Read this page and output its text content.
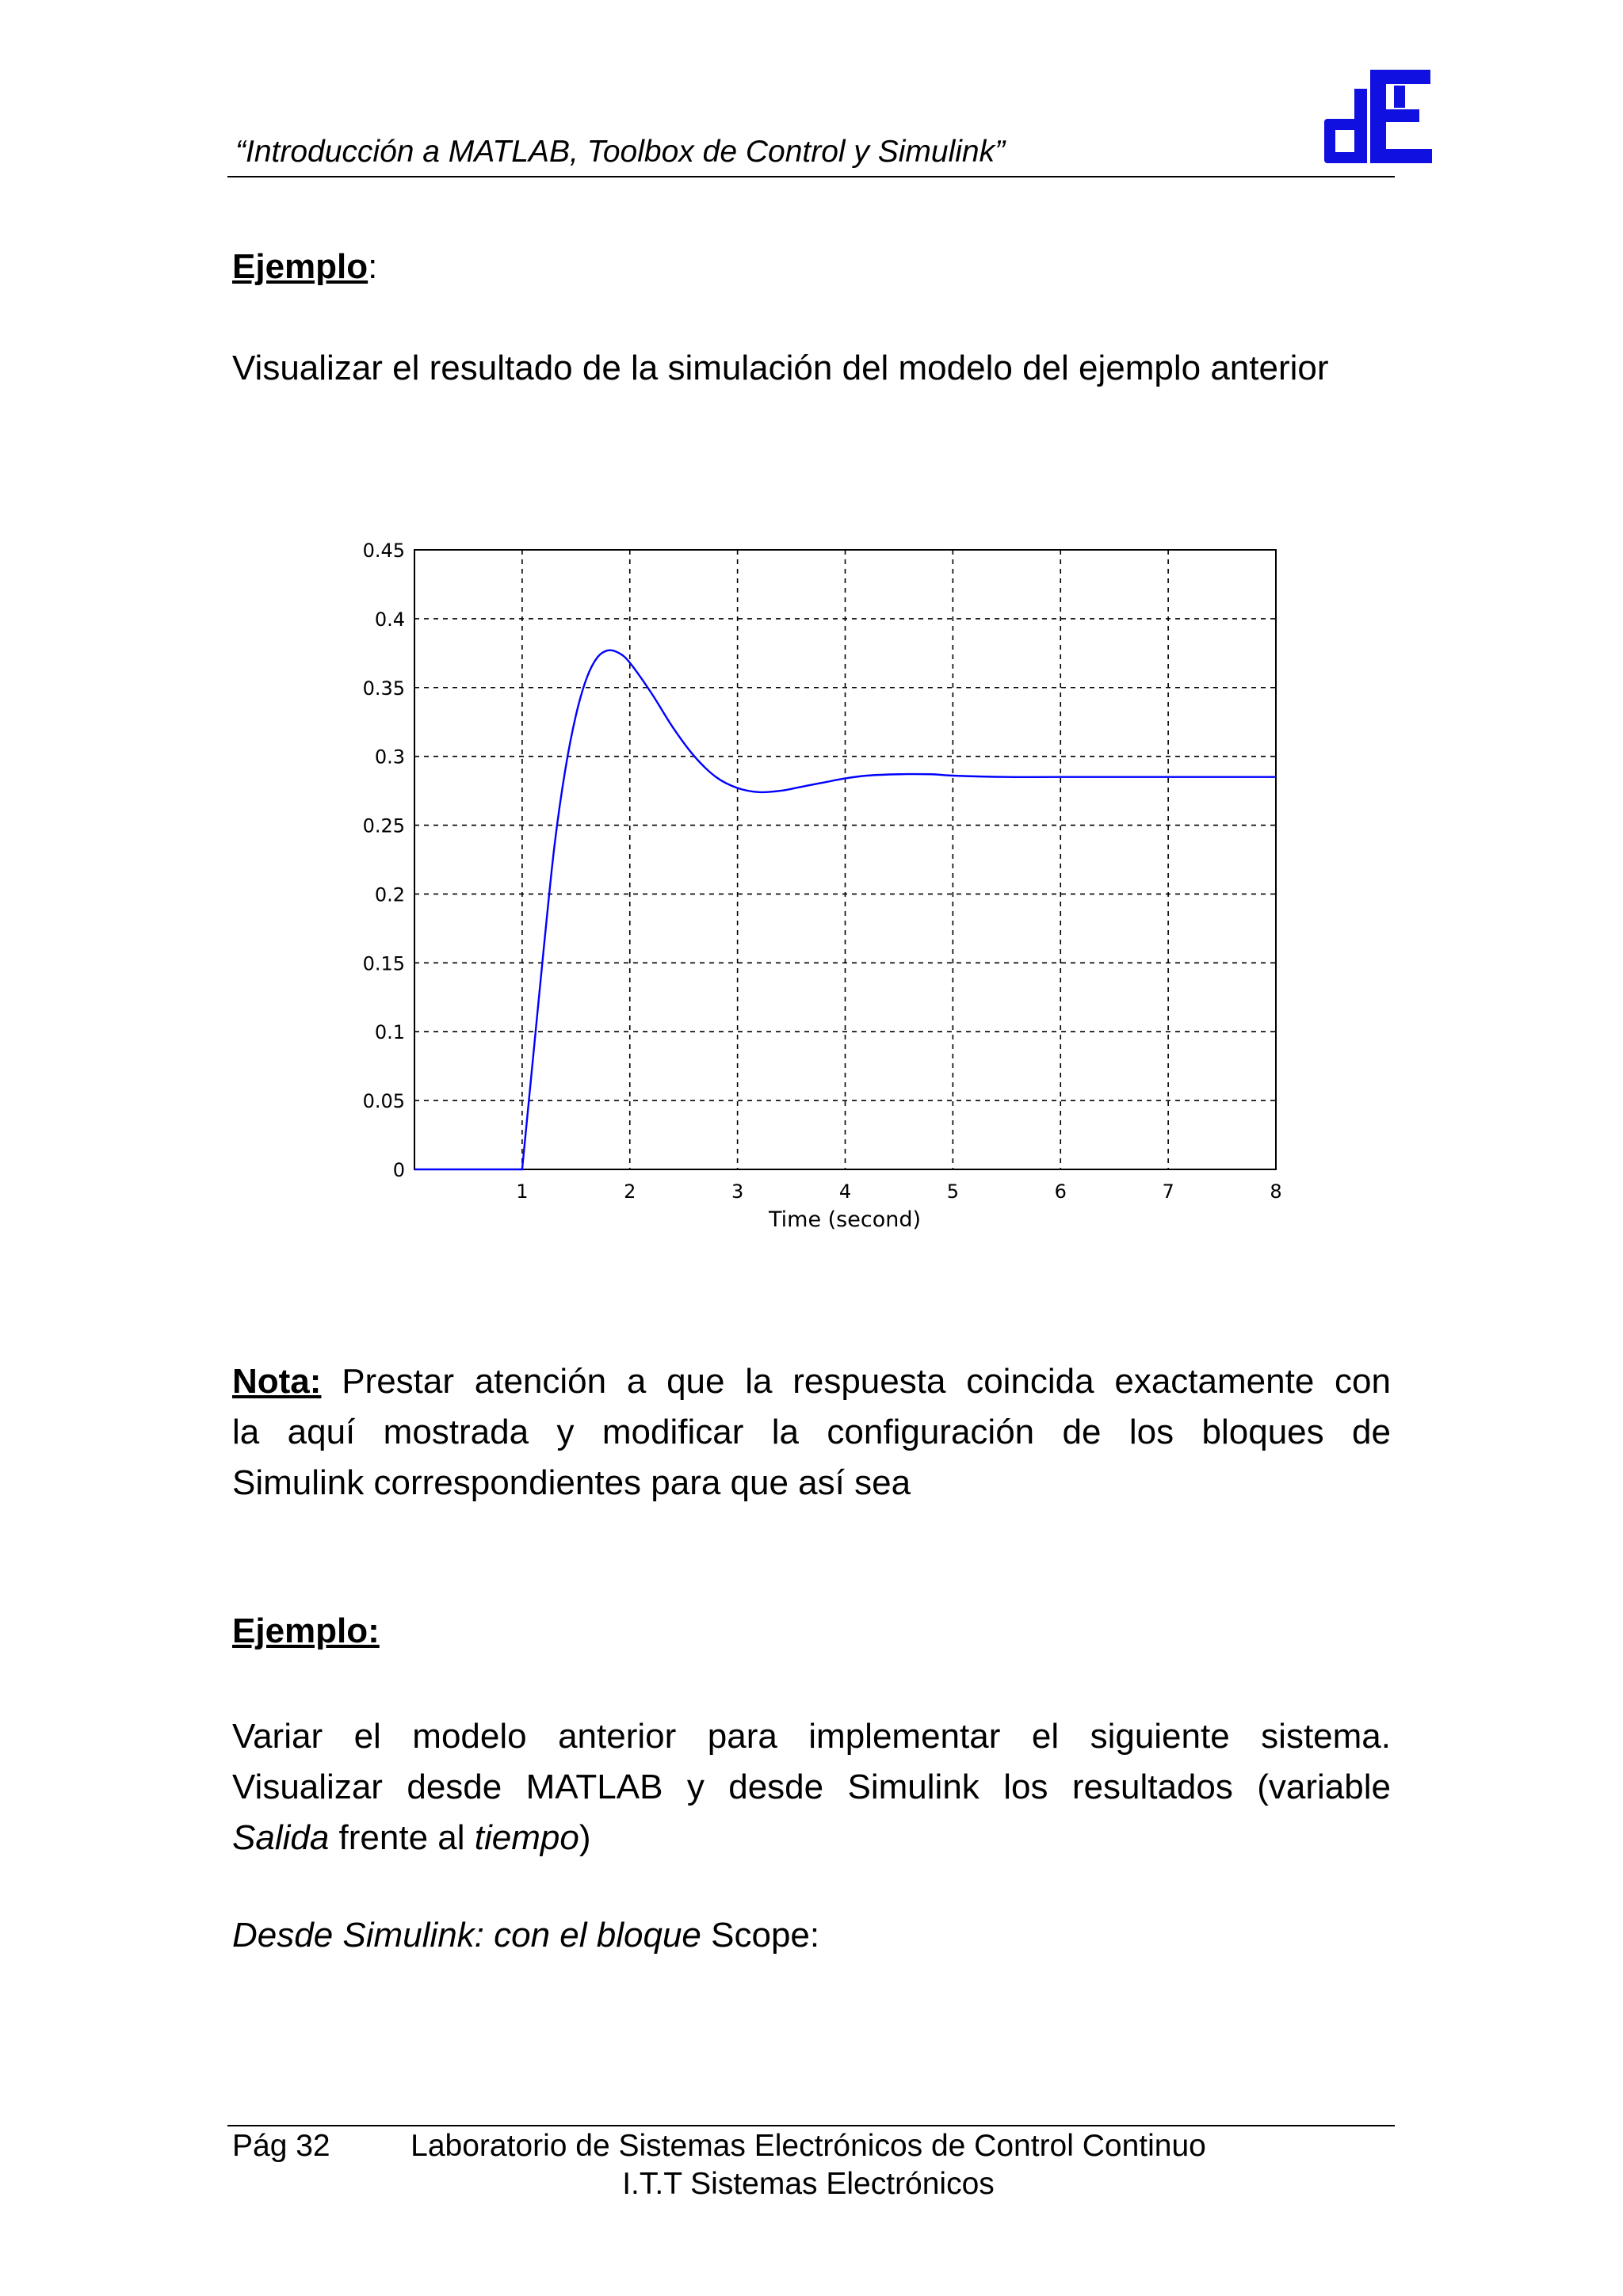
“Introducción a MATLAB, Toolbox de Control y Simulink”
Ejemplo:
Visualizar el resultado de la simulación del modelo del ejemplo anterior
0
0.05
0.1
0.15
0.2
0.25
0.3
0.35
0.4
0.45
1	2	3	4	5	6	7	8
Time (second)
Nota: Prestar atención a que la respuesta coincida exactamente con
la aquí mostrada y modificar la configuración de los bloques de
Simulink correspondientes para que así sea
Ejemplo:
Variar el modelo anterior para implementar el siguiente sistema.
Visualizar desde MATLAB y desde Simulink los resultados (variable
Salida frente al tiempo)
Desde Simulink: con el bloque Scope:
Pág 32	Laboratorio de Sistemas Electrónicos de Control Continuo
I.T.T Sistemas Electrónicos
